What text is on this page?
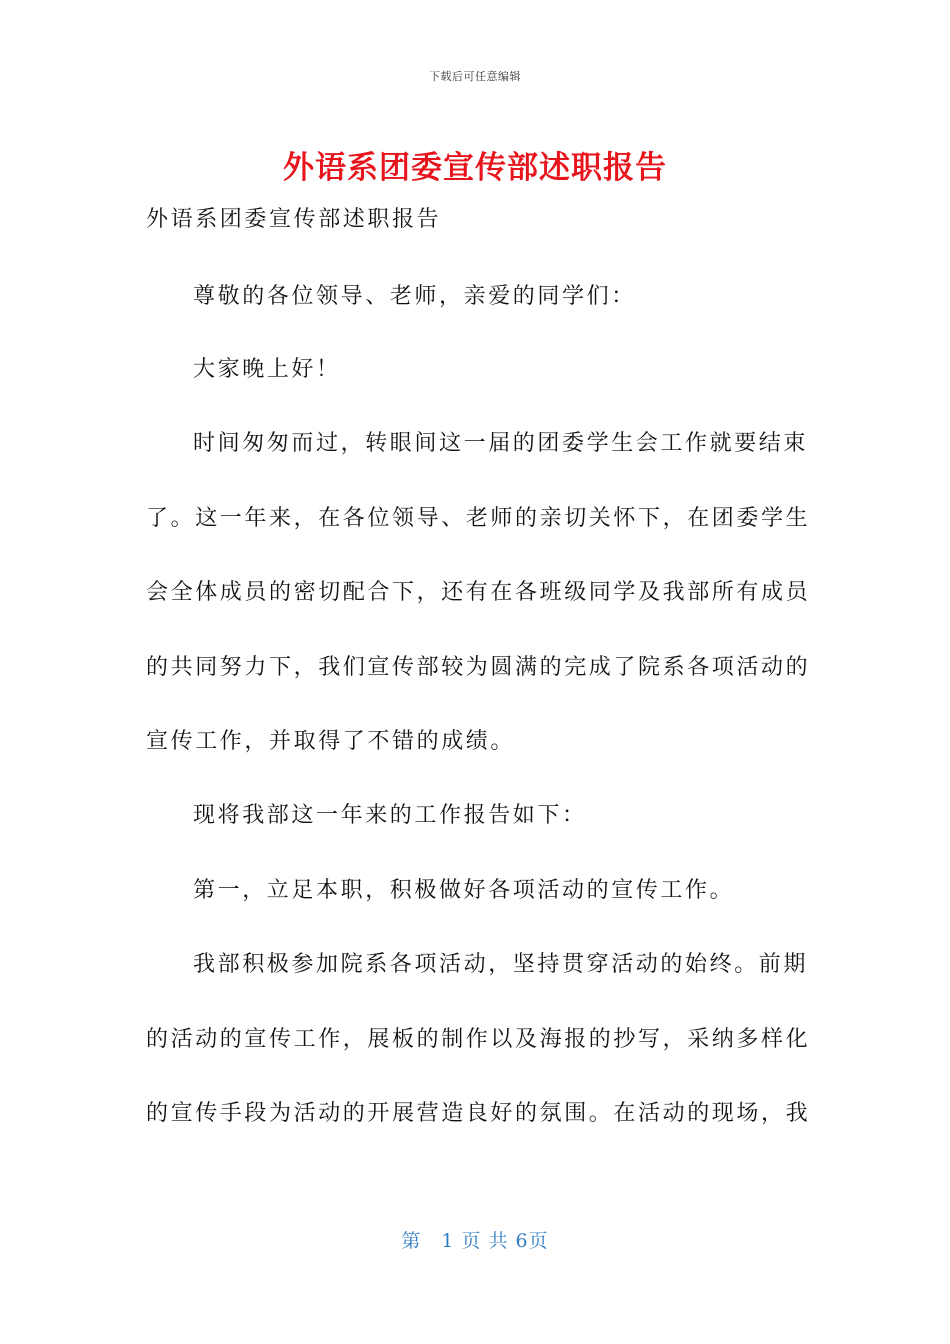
下载后可任意编辑
外语系团委宣传部述职报告
外语系团委宣传部述职报告
尊敬的各位领导、老师，亲爱的同学们：
大家晚上好！
时间匆匆而过，转眼间这一届的团委学生会工作就要结束
了。这一年来，在各位领导、老师的亲切关怀下，在团委学生
会全体成员的密切配合下，还有在各班级同学及我部所有成员
的共同努力下，我们宣传部较为圆满的完成了院系各项活动的
宣传工作，并取得了不错的成绩。
现将我部这一年来的工作报告如下：
第一，立足本职，积极做好各项活动的宣传工作。
我部积极参加院系各项活动，坚持贯穿活动的始终。前期
的活动的宣传工作，展板的制作以及海报的抄写，采纳多样化
的宣传手段为活动的开展营造良好的氛围。在活动的现场，我
第　1 页 共 6页
